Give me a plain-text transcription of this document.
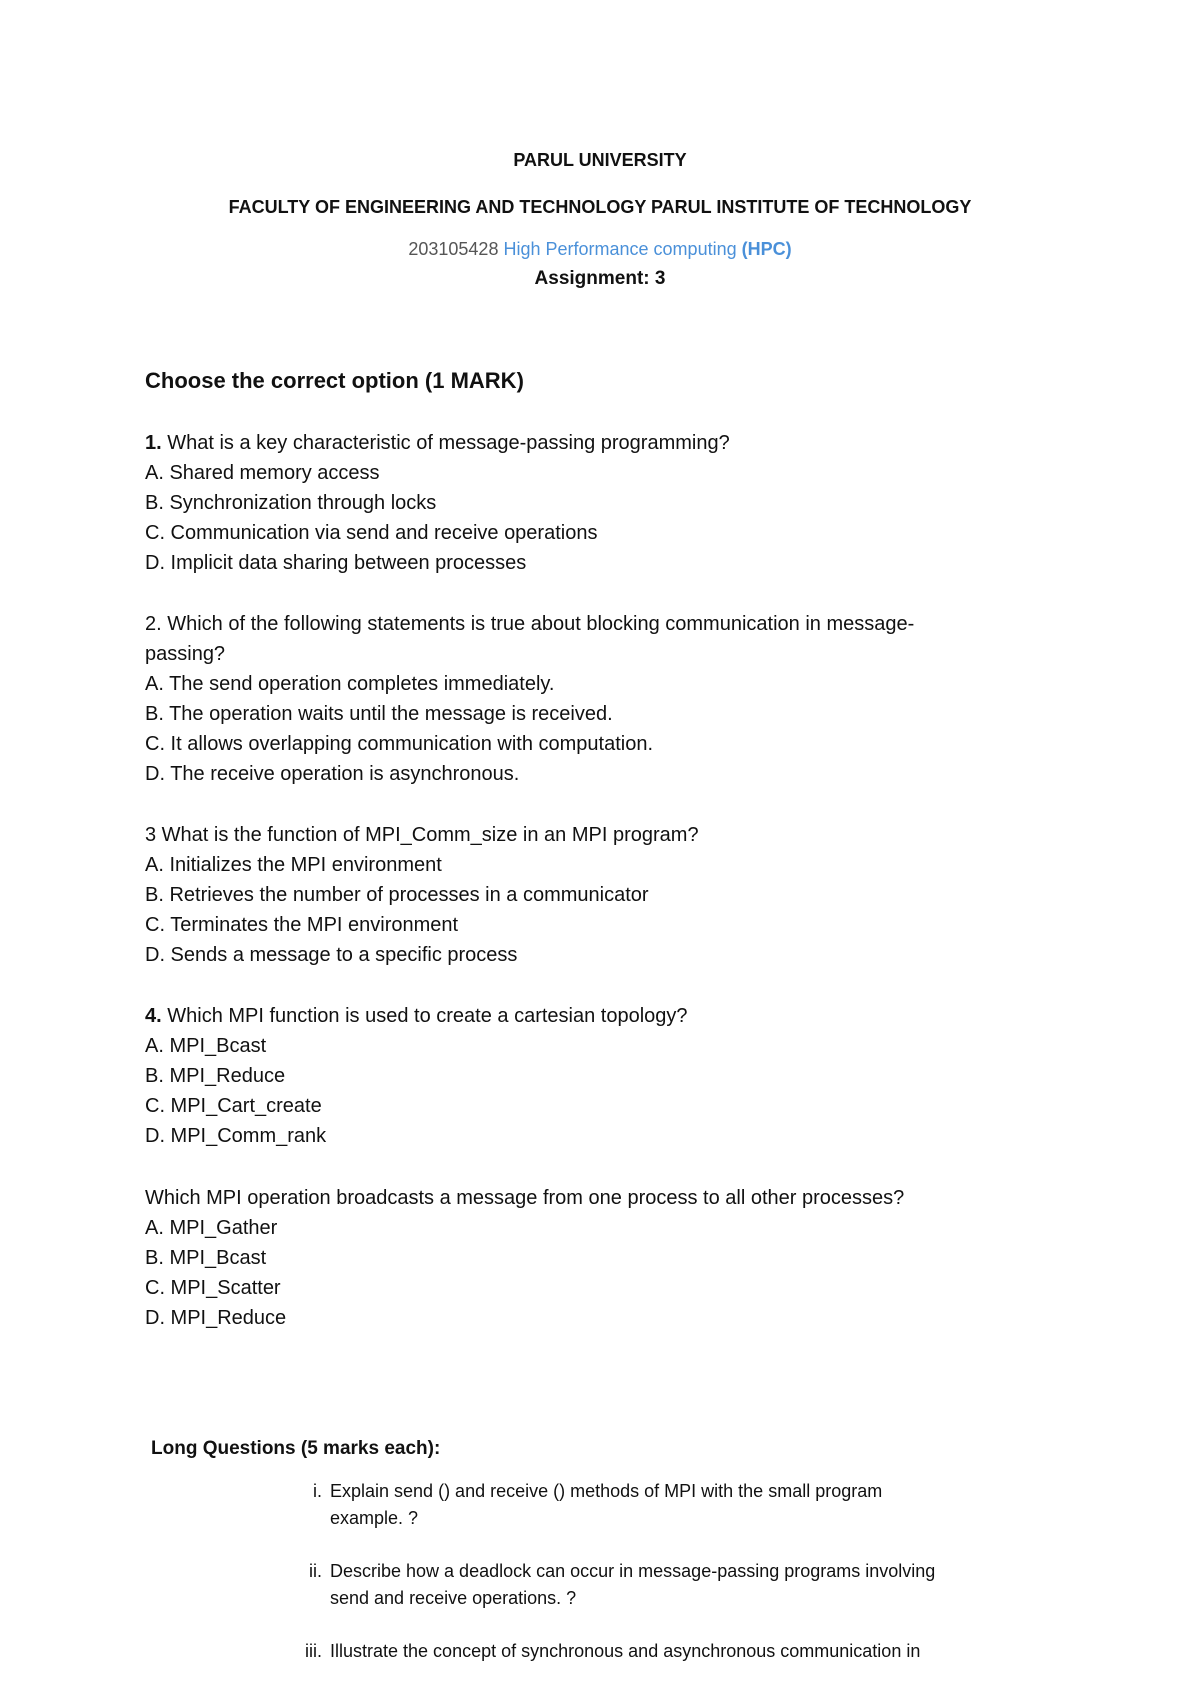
PARUL UNIVERSITY
FACULTY OF ENGINEERING AND TECHNOLOGY PARUL INSTITUTE OF TECHNOLOGY
203105428 High Performance computing (HPC)
Assignment: 3
Choose the correct option (1 MARK)
1. What is a key characteristic of message-passing programming?
A. Shared memory access
B. Synchronization through locks
C. Communication via send and receive operations
D. Implicit data sharing between processes
2. Which of the following statements is true about blocking communication in message-
passing?
A. The send operation completes immediately.
B. The operation waits until the message is received.
C. It allows overlapping communication with computation.
D. The receive operation is asynchronous.
3 What is the function of MPI_Comm_size in an MPI program?
A. Initializes the MPI environment
B. Retrieves the number of processes in a communicator
C. Terminates the MPI environment
D. Sends a message to a specific process
4. Which MPI function is used to create a cartesian topology?
A. MPI_Bcast
B. MPI_Reduce
C. MPI_Cart_create
D. MPI_Comm_rank
Which MPI operation broadcasts a message from one process to all other processes?
A. MPI_Gather
B. MPI_Bcast
C. MPI_Scatter
D. MPI_Reduce
Long Questions (5 marks each):
i. Explain send () and receive () methods of MPI with the small program
example. ?
ii. Describe how a deadlock can occur in message-passing programs involving
send and receive operations. ?
iii. Illustrate the concept of synchronous and asynchronous communication in
